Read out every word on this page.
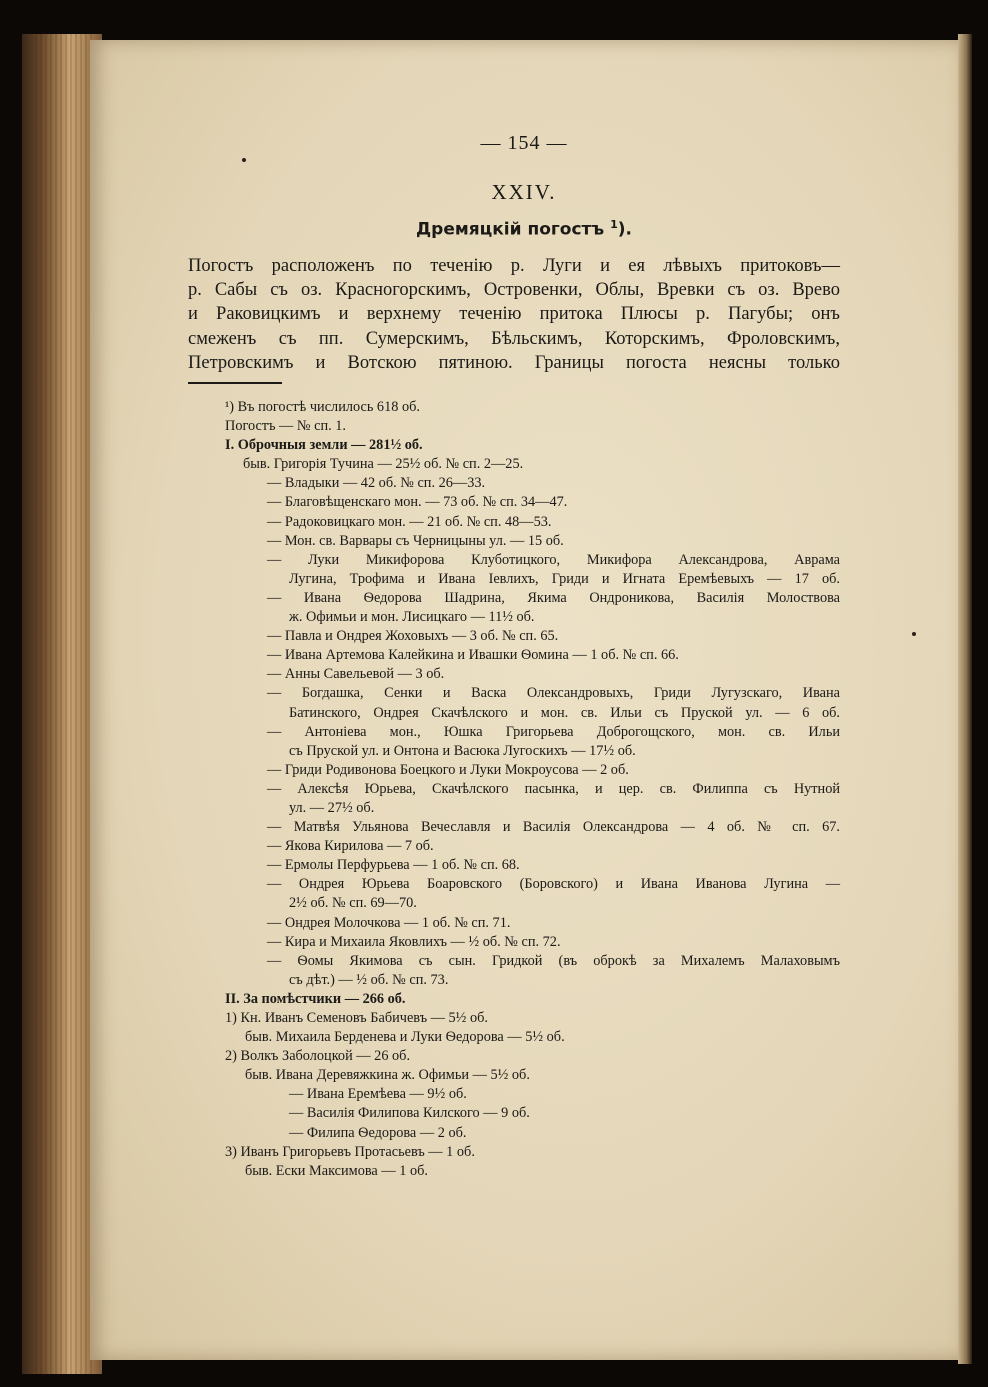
— 154 —
XXIV.
Дремяцкій погостъ $^1$).
Погостъ расположенъ по теченію р. Луги и ея лѣвыхъ притоковъ—
р. Сабы съ оз. Красногорскимъ, Островенки, Облы, Вревки съ оз. Врево
и Раковицкимъ и верхнему теченію притока Плюсы р. Пагубы; онъ
смеженъ съ пп. Сумерскимъ, Бѣльскимъ, Которскимъ, Фроловскимъ,
Петровскимъ и Вотскою пятиною. Границы погоста неясны только
¹) Въ погостѣ числилось 618 об.
Погостъ — № сп. 1.
I. Оброчныя земли — 281½ об.
быв. Григорія Тучина — 25½ об. № сп. 2—25.
— Владыки — 42 об. № сп. 26—33.
— Благовѣщенскаго мон. — 73 об. № сп. 34—47.
— Радоковицкаго мон. — 21 об. № сп. 48—53.
— Мон. св. Варвары съ Черницыны ул. — 15 об.
— Луки Микифорова Клуботицкого, Микифора Александрова, Аврама
Лугина, Трофима и Ивана Іевлихъ, Гриди и Игната Еремѣевыхъ — 17 об.
— Ивана Ѳедорова Шадрина, Якима Ондроникова, Василія Молоствова
ж. Офимьи и мон. Лисицкаго — 11½ об.
— Павла и Ондрея Жоховыхъ — 3 об. № сп. 65.
— Ивана Артемова Калейкина и Ивашки Ѳомина — 1 об. № сп. 66.
— Анны Савельевой — 3 об.
— Богдашка, Сенки и Васка Олександровыхъ, Гриди Лугузскаго, Ивана
Батинского, Ондрея Скачѣлского и мон. св. Ильи съ Пруской ул. — 6 об.
— Антоніева мон., Юшка Григорьева Доброгощского, мон. св. Ильи
съ Пруской ул. и Онтона и Васюка Лугоскихъ — 17½ об.
— Гриди Родивонова Боецкого и Луки Мокроусова — 2 об.
— Алексѣя Юрьева, Скачѣлского пасынка, и цер. св. Филиппа съ Нутной
ул. — 27½ об.
— Матвѣя Ульянова Вечеславля и Василія Олександрова — 4 об. № сп. 67.
— Якова Кирилова — 7 об.
— Ермолы Перфурьева — 1 об. № сп. 68.
— Ондрея Юрьева Боаровского (Боровского) и Ивана Иванова Лугина —
2½ об. № сп. 69—70.
— Ондрея Молочкова — 1 об. № сп. 71.
— Кира и Михаила Яковлихъ — ½ об. № сп. 72.
— Ѳомы Якимова съ сын. Гридкой (въ оброкѣ за Михалемъ Малаховымъ
съ дѣт.) — ½ об. № сп. 73.
II. За помѣстчики — 266 об.
1) Кн. Иванъ Семеновъ Бабичевъ — 5½ об.
быв. Михаила Берденева и Луки Ѳедорова — 5½ об.
2) Волкъ Заболоцкой — 26 об.
быв. Ивана Деревяжкина ж. Офимьи — 5½ об.
— Ивана Еремѣева — 9½ об.
— Василія Филипова Килского — 9 об.
— Филипа Ѳедорова — 2 об.
3) Иванъ Григорьевъ Протасьевъ — 1 об.
быв. Ески Максимова — 1 об.
